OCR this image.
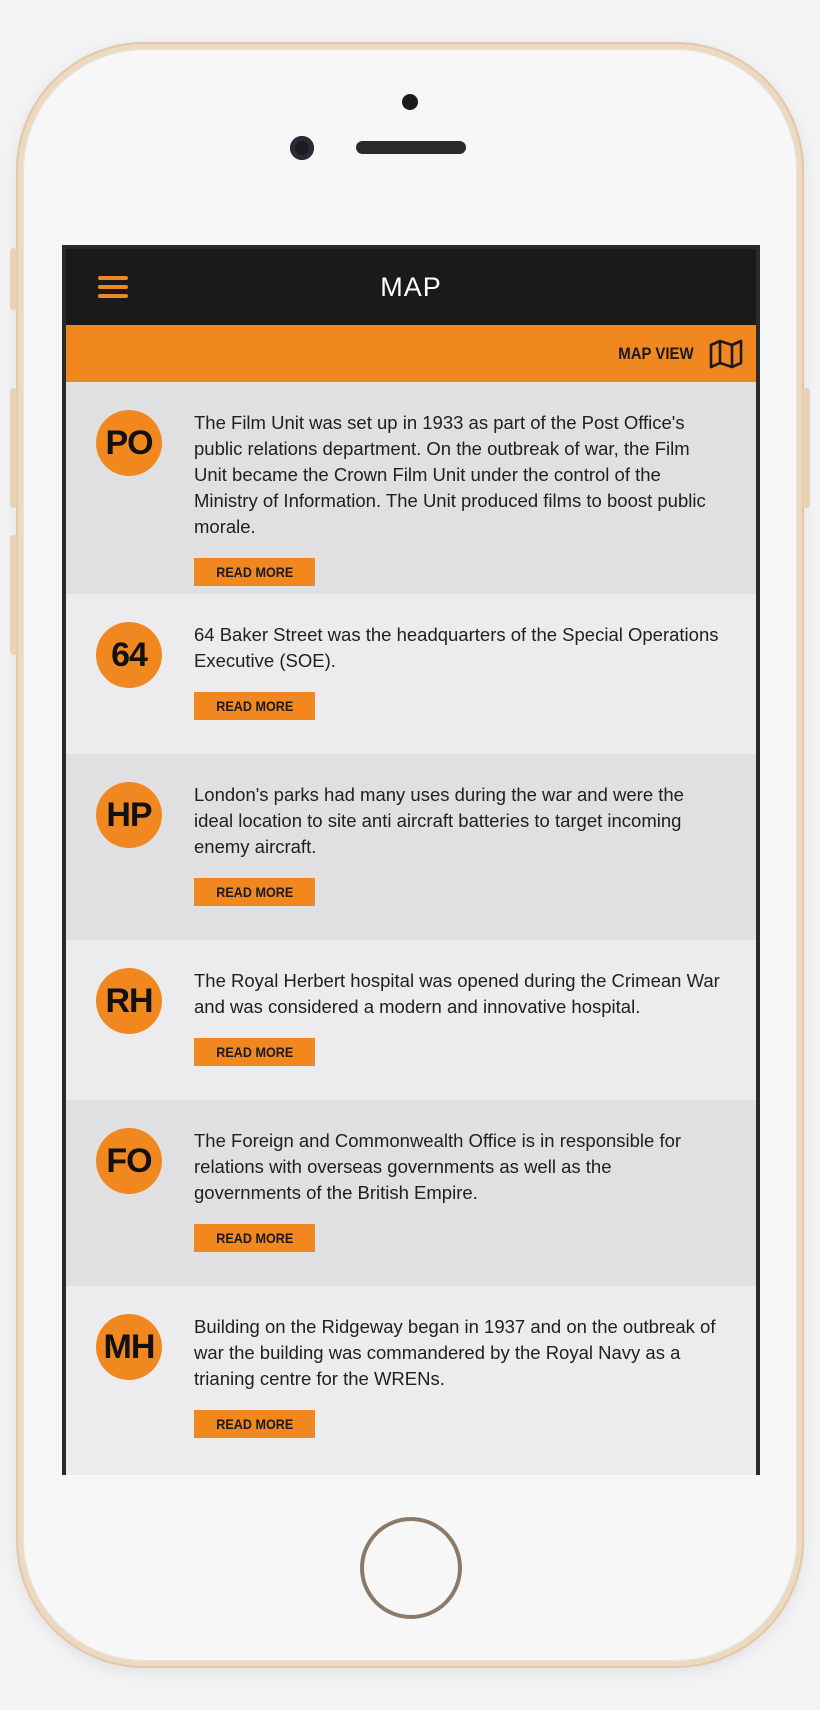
MAP
MAP VIEW
PO

The Film Unit was set up in 1933 as part of the Post Office's public relations department. On the outbreak of war, the Film Unit became the Crown Film Unit under the control of the Ministry of Information. The Unit produced films to boost public morale.

READ MORE
64

64 Baker Street was the headquarters of the Special Operations Executive (SOE).

READ MORE
HP

London's parks had many uses during the war and were the ideal location to site anti aircraft batteries to target incoming enemy aircraft.

READ MORE
RH

The Royal Herbert hospital was opened during the Crimean War and was considered a modern and innovative hospital.

READ MORE
FO

The Foreign and Commonwealth Office is in responsible for relations with overseas governments as well as the governments of the British Empire.

READ MORE
MH

Building on the Ridgeway began in 1937 and on the outbreak of war the building was commandered by the Royal Navy as a trianing centre for the WRENs.

READ MORE
